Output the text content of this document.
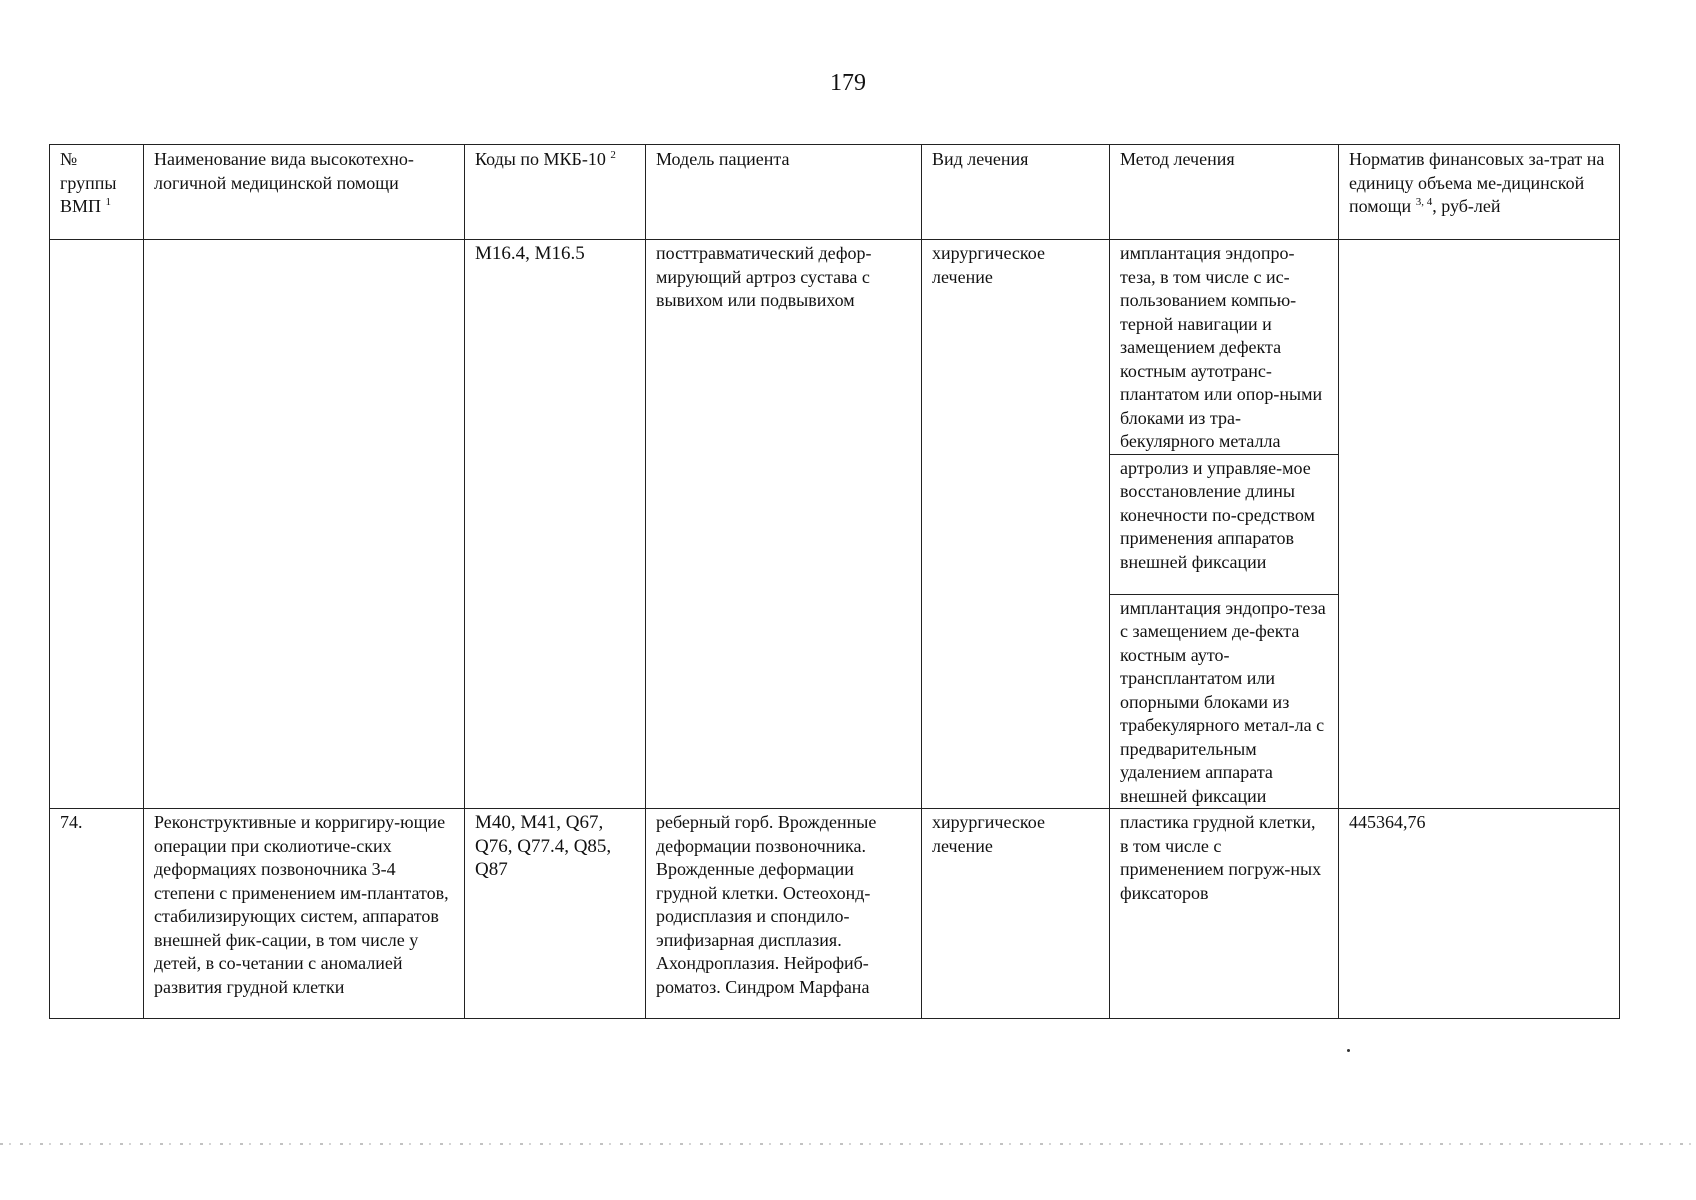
179
№ группы ВМП $^1$	Наименование вида высокотехно-логичной медицинской помощи	Коды по МКБ-10 $^2$	Модель пациента	Вид лечения	Метод лечения	Норматив финансовых за-трат на единицу объема ме-дицинской помощи $^{3, 4}$, руб-лей
		M16.4, M16.5	посттравматический дефор-мирующий артроз сустава с вывихом или подвывихом	хирургическое лечение	имплантация эндопро-теза, в том числе с ис-пользованием компью-терной навигации и замещением дефекта костным аутотранс-плантатом или опор-ными блоками из тра-бекулярного металла	
					артролиз и управляе-мое восстановление длины конечности по-средством применения аппаратов внешней фиксации	
					имплантация эндопро-теза с замещением де-фекта костным ауто-трансплантатом или опорными блоками из трабекулярного метал-ла с предварительным удалением аппарата внешней фиксации	
74.	Реконструктивные и корригиру-ющие операции при сколиотиче-ских деформациях позвоночника 3-4 степени с применением им-плантатов, стабилизирующих систем, аппаратов внешней фик-сации, в том числе у детей, в со-четании с аномалией развития грудной клетки	M40, M41, Q67, Q76, Q77.4, Q85, Q87	реберный горб. Врожденные деформации позвоночника. Врожденные деформации грудной клетки. Остеохонд-родисплазия и спондило-эпифизарная дисплазия. Ахондроплазия. Нейрофиб-роматоз. Синдром Марфана	хирургическое лечение	пластика грудной клетки, в том числе с применением погруж-ных фиксаторов	445364,76
